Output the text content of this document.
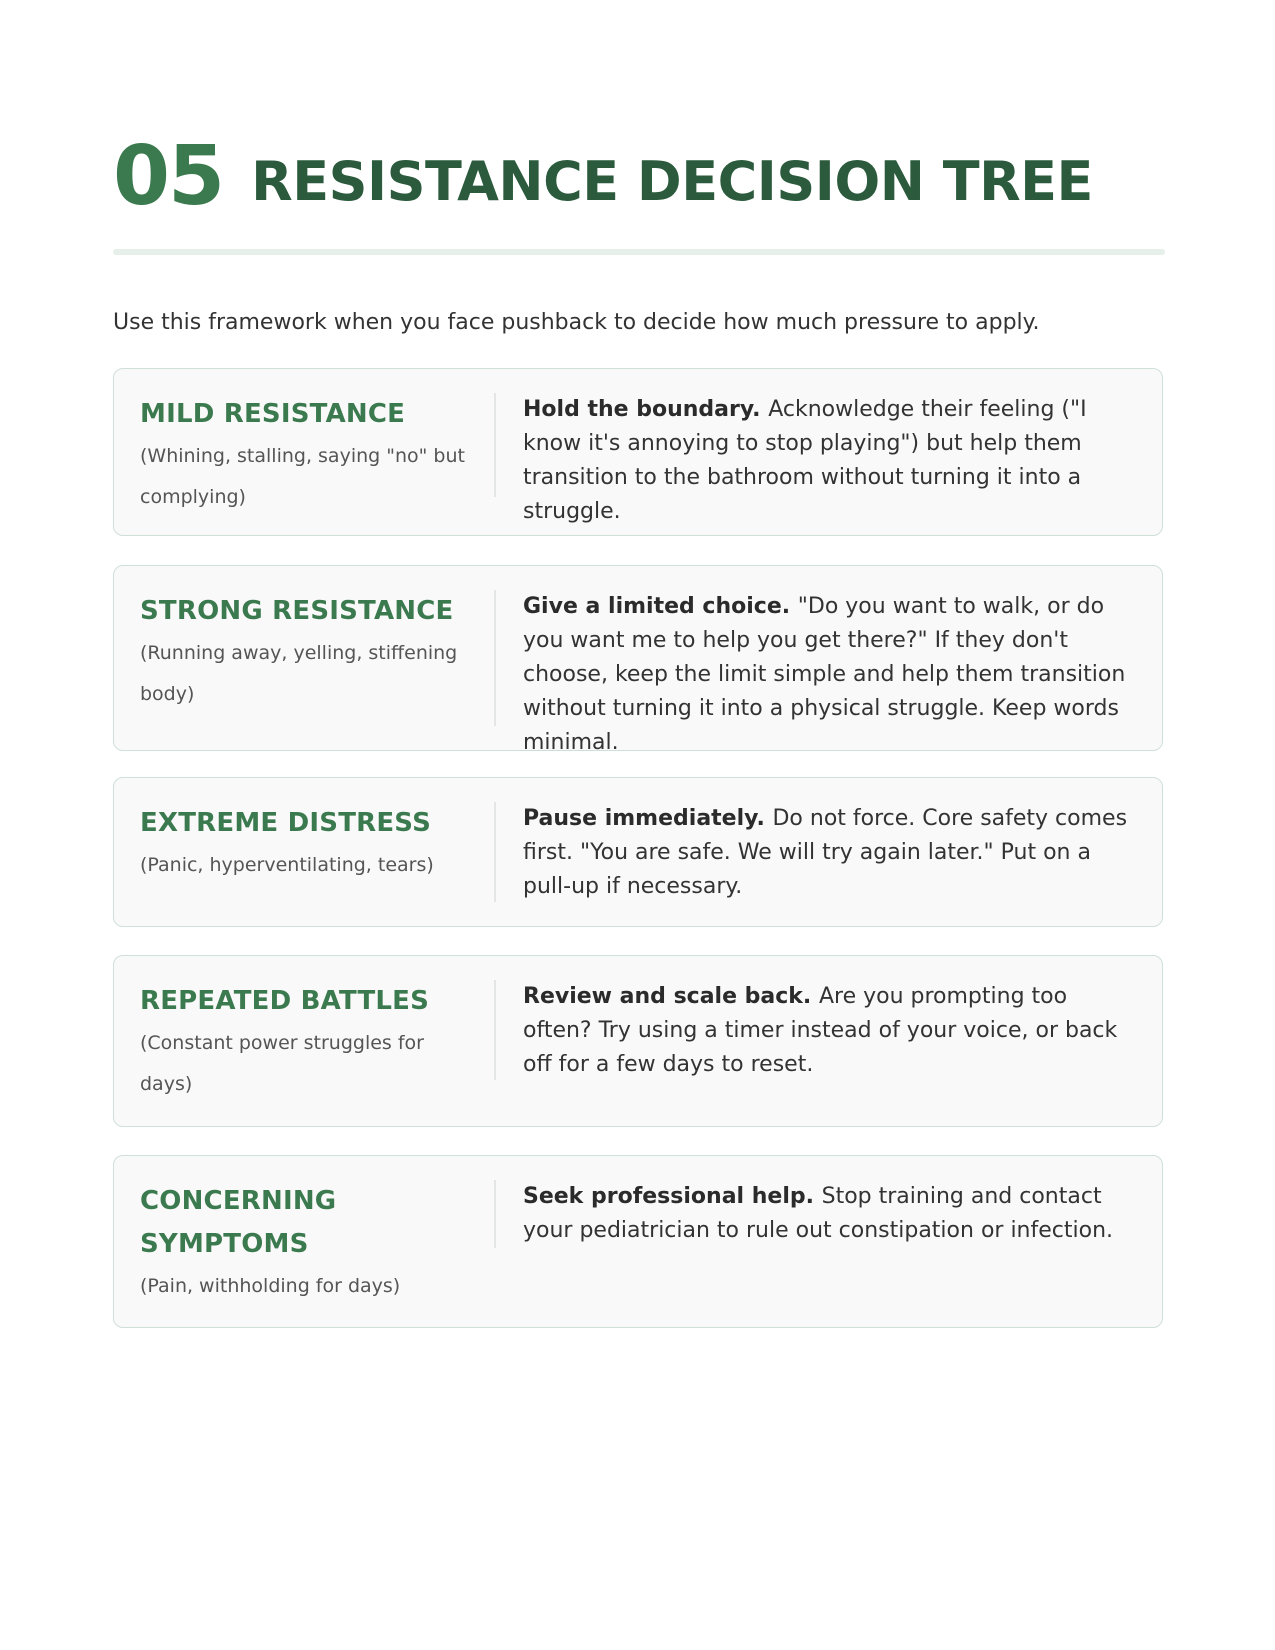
05 RESISTANCE DECISION TREE
Use this framework when you face pushback to decide how much pressure to apply.
MILD RESISTANCE
(Whining, stalling, saying "no" but complying)
Hold the boundary. Acknowledge their feeling ("I know it's annoying to stop playing") but help them transition to the bathroom without turning it into a struggle.
STRONG RESISTANCE
(Running away, yelling, stiffening body)
Give a limited choice. "Do you want to walk, or do you want me to help you get there?" If they don't choose, keep the limit simple and help them transition without turning it into a physical struggle. Keep words minimal.
EXTREME DISTRESS
(Panic, hyperventilating, tears)
Pause immediately. Do not force. Core safety comes first. "You are safe. We will try again later." Put on a pull-up if necessary.
REPEATED BATTLES
(Constant power struggles for days)
Review and scale back. Are you prompting too often? Try using a timer instead of your voice, or back off for a few days to reset.
CONCERNING SYMPTOMS
(Pain, withholding for days)
Seek professional help. Stop training and contact your pediatrician to rule out constipation or infection.
